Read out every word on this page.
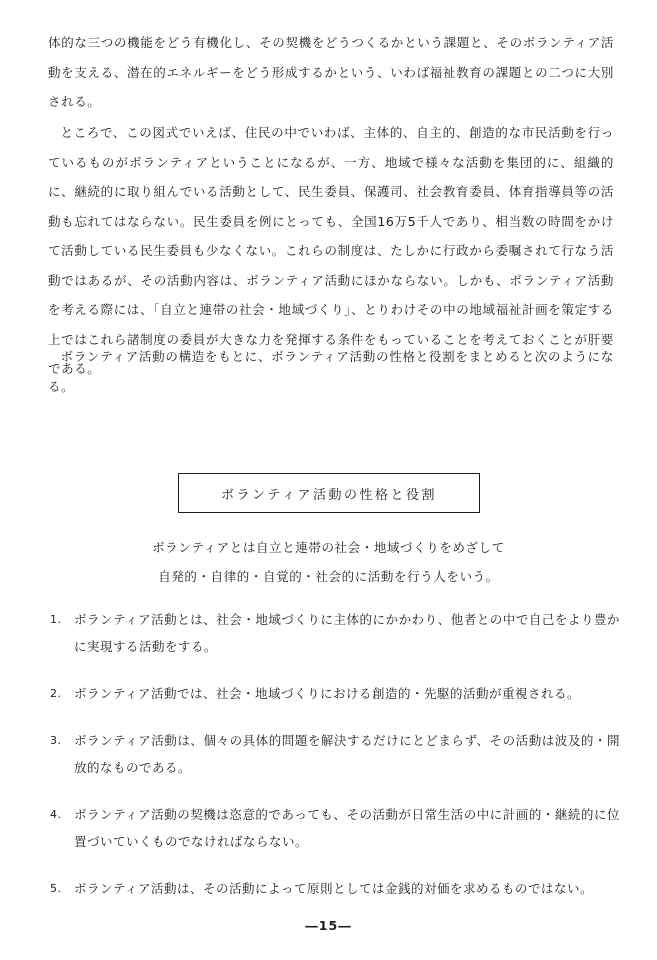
体的な三つの機能をどう有機化し、その契機をどうつくるかという課題と、そのボランティア活動を支える、潜在的エネルギーをどう形成するかという、いわば福祉教育の課題との二つに大別される。

ところで、この図式でいえば、住民の中でいわば、主体的、自主的、創造的な市民活動を行っているものがボランティアということになるが、一方、地域で様々な活動を集団的に、組織的に、継続的に取り組んでいる活動として、民生委員、保護司、社会教育委員、体育指導員等の活動も忘れてはならない。民生委員を例にとっても、全国16万5千人であり、相当数の時間をかけて活動している民生委員も少なくない。これらの制度は、たしかに行政から委嘱されて行なう活動ではあるが、その活動内容は、ボランティア活動にほかならない。しかも、ボランティア活動を考える際には、「自立と連帯の社会・地域づくり」、とりわけその中の地域福祉計画を策定する上ではこれら諸制度の委員が大きな力を発揮する条件をもっていることを考えておくことが肝要である。

ボランティア活動の構造をもとに、ボランティア活動の性格と役割をまとめると次のようになる。

ボランティア活動の性格と役割

ボランティアとは自立と連帯の社会・地域づくりをめざして

自発的・自律的・自覚的・社会的に活動を行う人をいう。

1. ボランティア活動とは、社会・地域づくりに主体的にかかわり、他者との中で自己をより豊かに実現する活動をする。
2. ボランティア活動では、社会・地域づくりにおける創造的・先駆的活動が重視される。
3. ボランティア活動は、個々の具体的問題を解決するだけにとどまらず、その活動は波及的・開放的なものである。
4. ボランティア活動の契機は恣意的であっても、その活動が日常生活の中に計画的・継続的に位置づいていくものでなければならない。
5. ボランティア活動は、その活動によって原則としては金銭的対価を求めるものではない。
―15―
